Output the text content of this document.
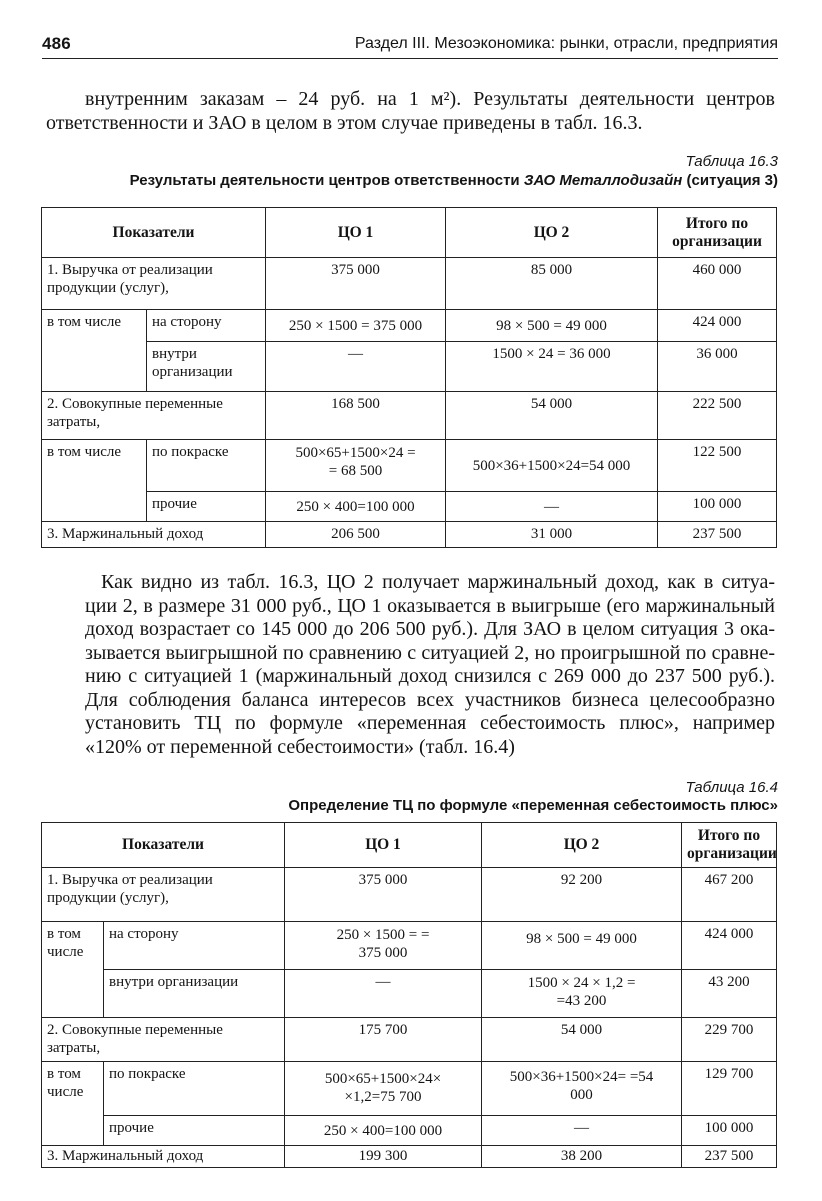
486	Раздел III. Мезоэкономика: рынки, отрасли, предприятия
внутренним заказам – 24 руб. на 1 м²). Результаты деятельности центров
ответственности и ЗАО в целом в этом случае приведены в табл. 16.3.
Таблица 16.3
Результаты деятельности центров ответственности ЗАО Металлодизайн (ситуация 3)
Показатели		ЦО 1	ЦО 2	Итого по организации
1. Выручка от реализации продукции (услуг),		375 000	85 000	460 000
в том числе	на сторону	250 × 1500 = 375 000	98 × 500 = 49 000	424 000
	внутри организации	—	1500 × 24 = 36 000	36 000
2. Совокупные переменные затраты,		168 500	54 000	222 500
в том числе	по покраске	500×65+1500×24 = = 68 500	500×36+1500×24=54 000	122 500
	прочие	250 × 400=100 000	—	100 000
3. Маржинальный доход		206 500	31 000	237 500
Как видно из табл. 16.3, ЦО 2 получает маржинальный доход, как в ситуа-
ции 2, в размере 31 000 руб., ЦО 1 оказывается в выигрыше (его маржинальный
доход возрастает со 145 000 до 206 500 руб.). Для ЗАО в целом ситуация 3 ока-
зывается выигрышной по сравнению с ситуацией 2, но проигрышной по сравне-
нию с ситуацией 1 (маржинальный доход снизился с 269 000 до 237 500 руб.).
Для соблюдения баланса интересов всех участников бизнеса целесообразно
установить ТЦ по формуле «переменная себестоимость плюс», например
«120% от переменной себестоимости» (табл. 16.4)
Таблица 16.4
Определение ТЦ по формуле «переменная себестоимость плюс»
Показатели		ЦО 1	ЦО 2	Итого по организации
1. Выручка от реализации продукции (услуг),		375 000	92 200	467 200
в том числе	на сторону	250 × 1500 = = 375 000	98 × 500 = 49 000	424 000
	внутри организации	—	1500 × 24 × 1,2 = =43 200	43 200
2. Совокупные переменные затраты,		175 700	54 000	229 700
в том числе	по покраске	500×65+1500×24× ×1,2=75 700	500×36+1500×24= =54 000	129 700
	прочие	250 × 400=100 000	—	100 000
3. Маржинальный доход		199 300	38 200	237 500
